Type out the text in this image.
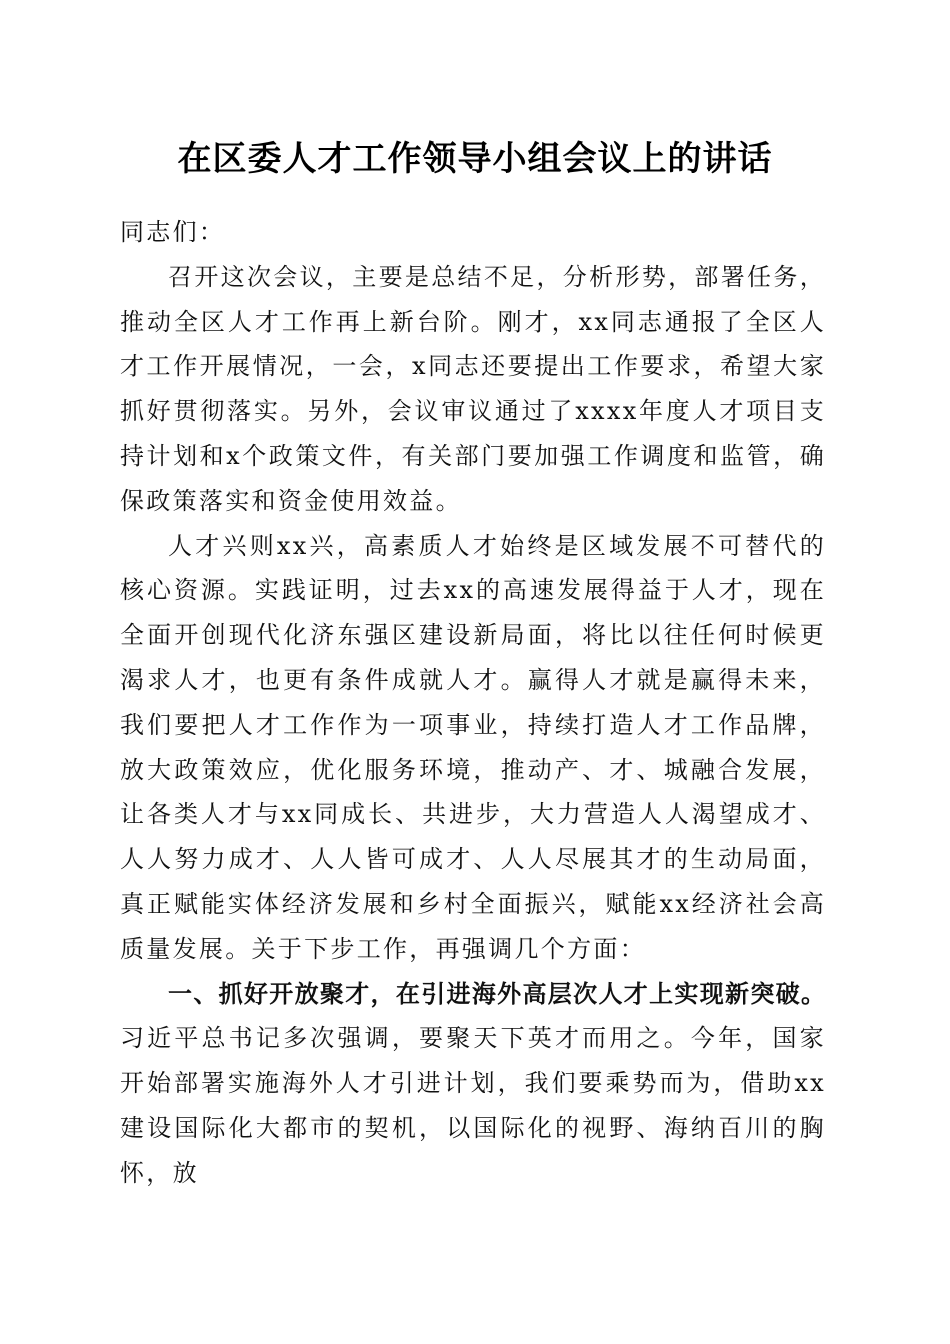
在区委人才工作领导小组会议上的讲话

同志们：

召开这次会议，主要是总结不足，分析形势，部署任务，推动全区人才工作再上新台阶。刚才，xx同志通报了全区人才工作开展情况，一会，x同志还要提出工作要求，希望大家抓好贯彻落实。另外，会议审议通过了xxxx年度人才项目支持计划和x个政策文件，有关部门要加强工作调度和监管，确保政策落实和资金使用效益。

人才兴则xx兴，高素质人才始终是区域发展不可替代的核心资源。实践证明，过去xx的高速发展得益于人才，现在全面开创现代化济东强区建设新局面，将比以往任何时候更渴求人才，也更有条件成就人才。赢得人才就是赢得未来，我们要把人才工作作为一项事业，持续打造人才工作品牌，放大政策效应，优化服务环境，推动产、才、城融合发展，让各类人才与xx同成长、共进步，大力营造人人渴望成才、人人努力成才、人人皆可成才、人人尽展其才的生动局面，真正赋能实体经济发展和乡村全面振兴，赋能xx经济社会高质量发展。关于下步工作，再强调几个方面：

一、抓好开放聚才，在引进海外高层次人才上实现新突破。习近平总书记多次强调，要聚天下英才而用之。今年，国家开始部署实施海外人才引进计划，我们要乘势而为，借助xx建设国际化大都市的契机，以国际化的视野、海纳百川的胸怀，放
